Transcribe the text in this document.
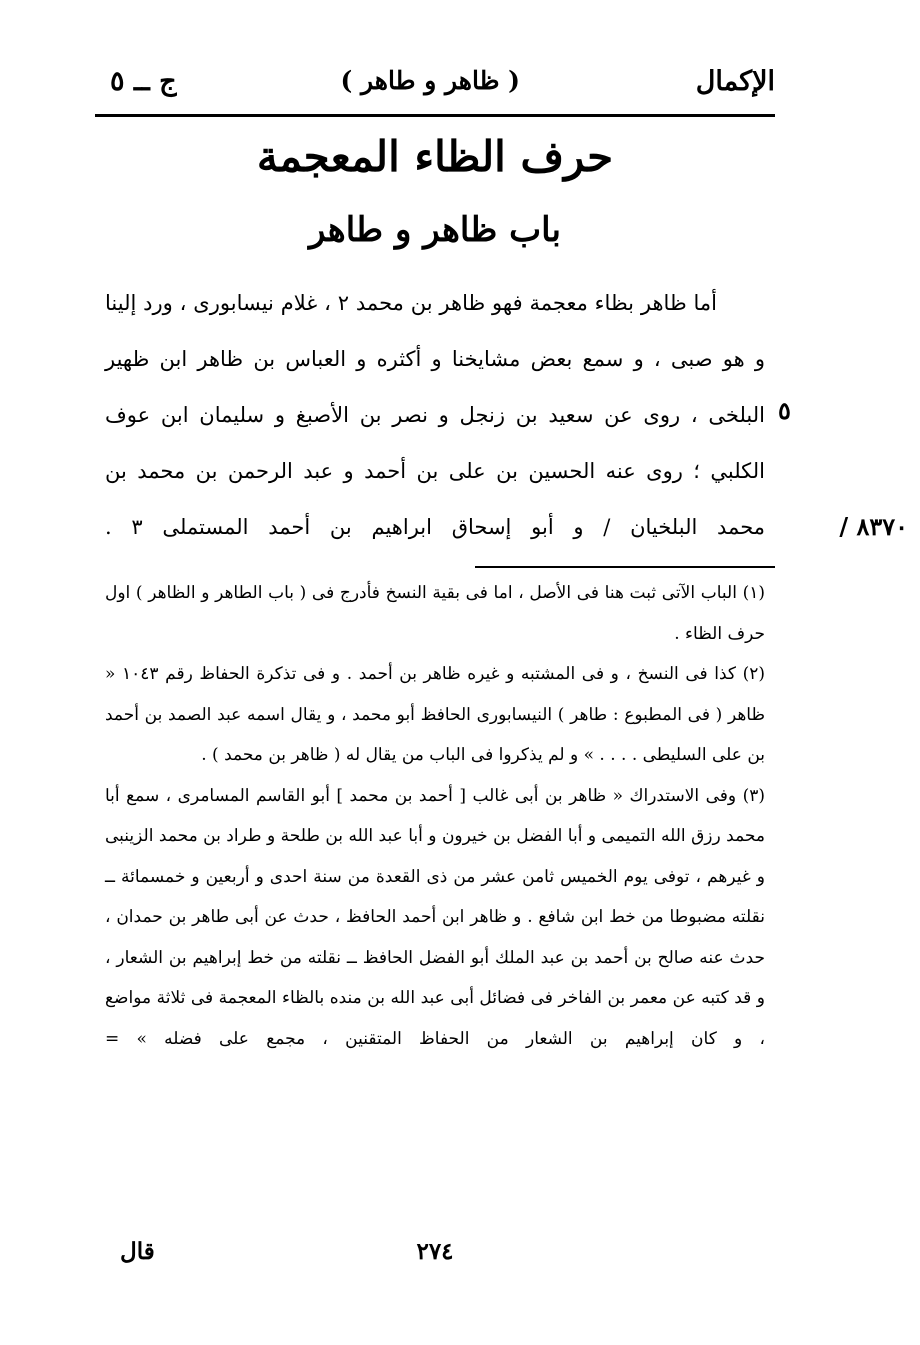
الإكمال
( ظاهر و طاهر )
ج ــ ٥
حرف الظاء المعجمة
باب ظاهر و طاهر

أما ظاهر بظاء معجمة فهو ظاهر بن محمد ٢ ، غلام نيسابورى ، ورد إلينا و هو صبى ، و سمع بعض مشايخنا و أكثره و العباس بن ظاهر ابن ظهير البلخى ، روى عن سعيد بن زنجل و نصر بن الأصبغ و سليمان ابن عوف الكلبي ؛ روى عنه الحسين بن على بن أحمد و عبد الرحمن بن محمد بن محمد البلخيان / و أبو إسحاق ابراهيم بن أحمد المستملى ٣ .

٥
٨٣٧٠ /

(١) الباب الآتى ثبت هنا فى الأصل ، اما فى بقية النسخ فأدرج فى ( باب الطاهر و الظاهر ) اول حرف الظاء .

(٢) كذا فى النسخ ، و فى المشتبه و غيره ظاهر بن أحمد . و فى تذكرة الحفاظ رقم ١٠٤٣ « ظاهر ( فى المطبوع : طاهر ) النيسابورى الحافظ أبو محمد ، و يقال اسمه عبد الصمد بن أحمد بن على السليطى . . . . » و لم يذكروا فى الباب من يقال له ( ظاهر بن محمد ) .

(٣) وفى الاستدراك « ظاهر بن أبى غالب [ أحمد بن محمد ] أبو القاسم المسامرى ، سمع أبا محمد رزق الله التميمى و أبا الفضل بن خيرون و أبا عبد الله بن طلحة و طراد بن محمد الزينبى و غيرهم ، توفى يوم الخميس ثامن عشر من ذى القعدة من سنة احدى و أربعين و خمسمائة ــ نقلته مضبوطا من خط ابن شافع . و ظاهر ابن أحمد الحافظ ، حدث عن أبى طاهر بن حمدان ، حدث عنه صالح بن أحمد بن عبد الملك أبو الفضل الحافظ ــ نقلته من خط إبراهيم بن الشعار ، و قد كتبه عن معمر بن الفاخر فى فضائل أبى عبد الله بن منده بالظاء المعجمة فى ثلاثة مواضع ، و كان إبراهيم بن الشعار من الحفاظ المتقنين ، مجمع على فضله » =

٢٧٤
قال
